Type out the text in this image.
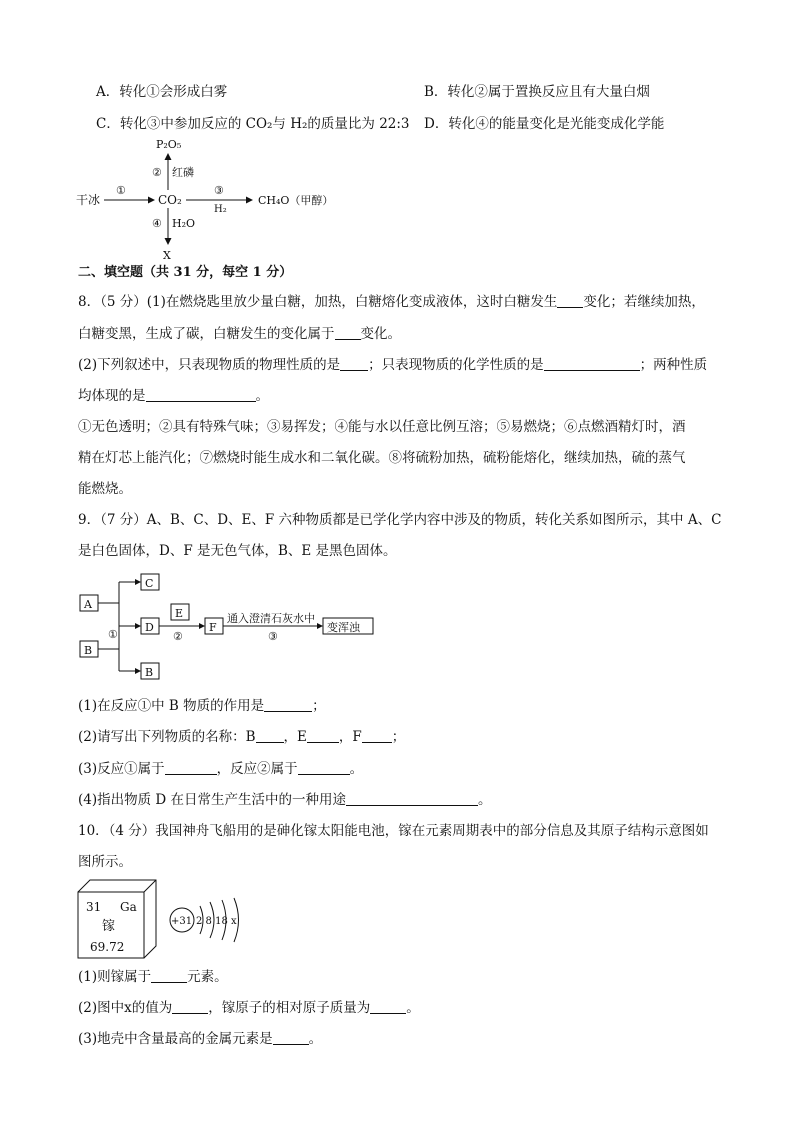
A．转化①会形成白雾	B．转化②属于置换反应且有大量白烟
C．转化③中参加反应的 CO₂与 H₂的质量比为 22:3 D．转化④的能量变化是光能变成化学能
P₂O₅
② 红磷
干冰
①
CO₂
③
H₂
CH₄O（甲醇）
④ H₂O
X
二、填空题（共 31 分，每空 1 分）
8．（5 分）(1)在燃烧匙里放少量白糖，加热，白糖熔化变成液体，这时白糖发生 变化；若继续加热，
白糖变黑，生成了碳，白糖发生的变化属于 变化。
(2)下列叙述中，只表现物质的物理性质的是 ；只表现物质的化学性质的是	；两种性质
均体现的是	。
①无色透明；②具有特殊气味；③易挥发；④能与水以任意比例互溶；⑤易燃烧；⑥点燃酒精灯时，酒
精在灯芯上能汽化；⑦燃烧时能生成水和二氧化碳。⑧将硫粉加热，硫粉能熔化，继续加热，硫的蒸气
能燃烧。
9．（7 分）A、B、C、D、E、F 六种物质都是已学化学内容中涉及的物质，转化关系如图所示，其中 A、C
是白色固体，D、F 是无色气体，B、E 是黑色固体。
A
B
C
D
B
E
F
①	②	③
通入澄清石灰水中
变浑浊
(1)在反应①中 B 物质的作用是	；
(2)请写出下列物质的名称：B ，E ，F ；
(3)反应①属于	，反应②属于	。
(4)指出物质 D 在日常生产生活中的一种用途	。
10．（4 分）我国神舟飞船用的是砷化镓太阳能电池，镓在元素周期表中的部分信息及其原子结构示意图如
图所示。
31 Ga
镓
69.72
+31 2 8 18 x
(1)则镓属于	元素。
(2)图中x的值为	，镓原子的相对原子质量为	。
(3)地壳中含量最高的金属元素是	。
